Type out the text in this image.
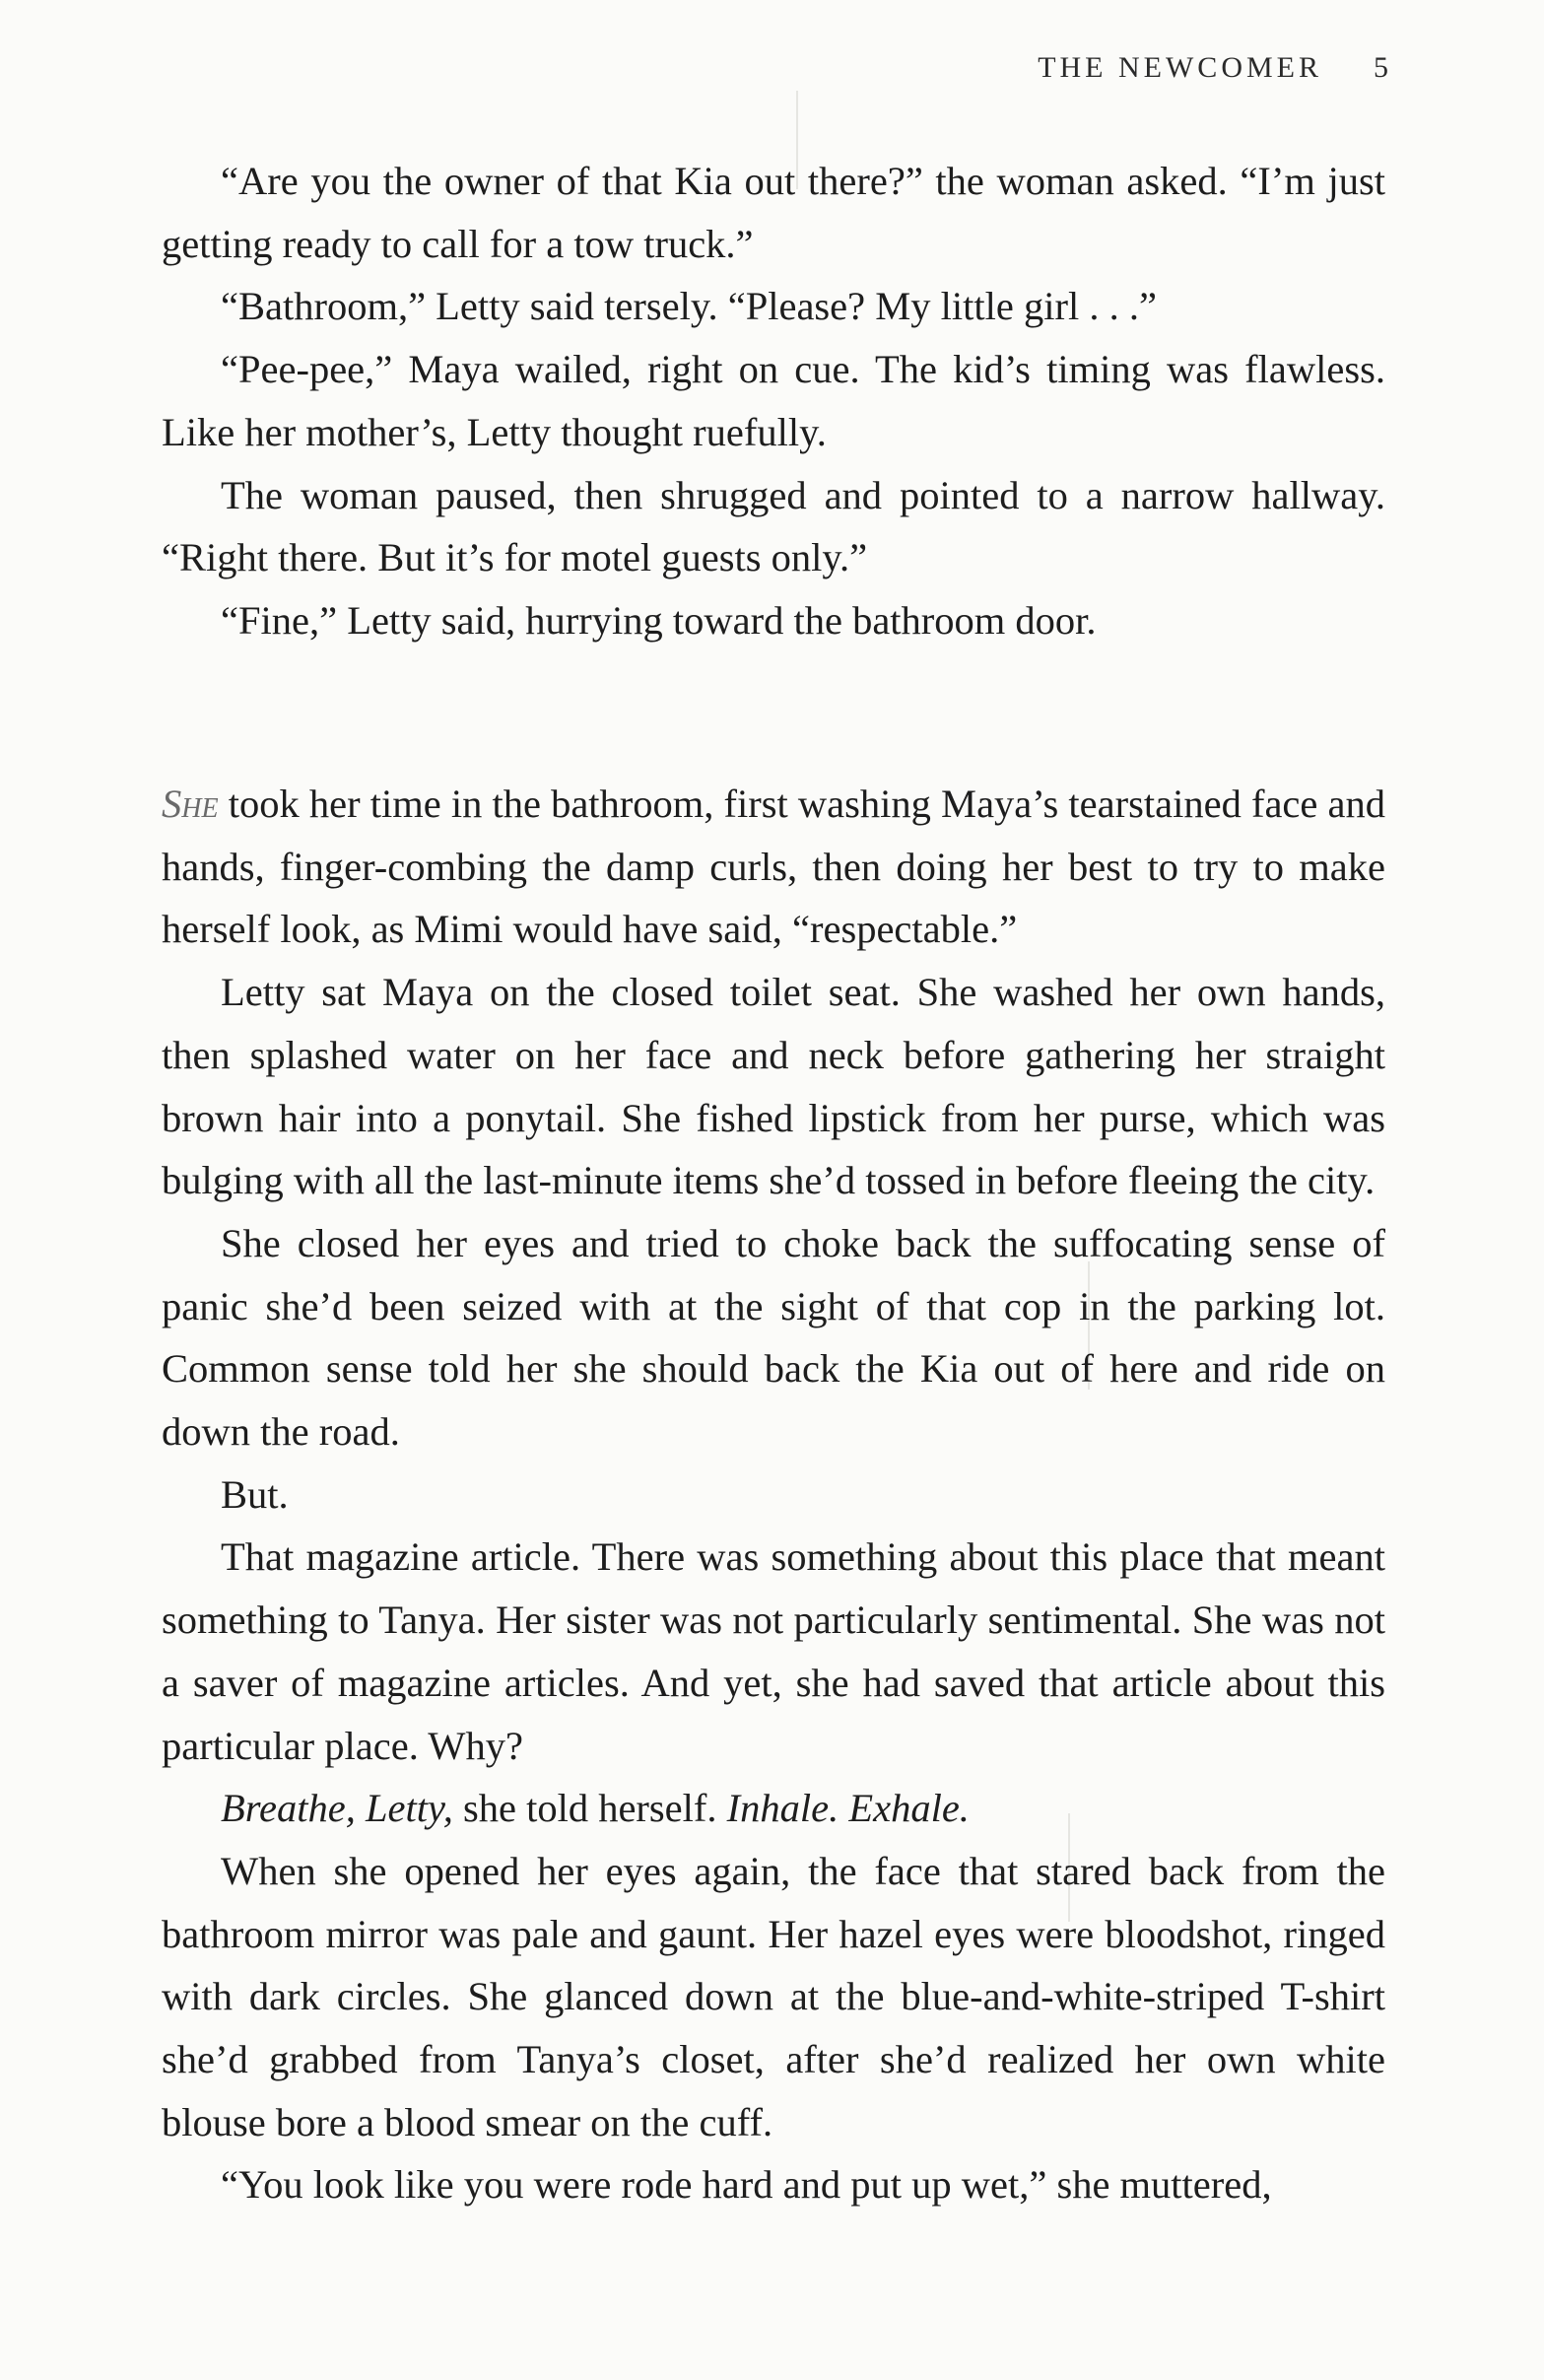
THE NEWCOMER 5

“Are you the owner of that Kia out there?” the woman asked. “I’m just getting ready to call for a tow truck.”

“Bathroom,” Letty said tersely. “Please? My little girl . . .”

“Pee-pee,” Maya wailed, right on cue. The kid’s timing was flawless. Like her mother’s, Letty thought ruefully.

The woman paused, then shrugged and pointed to a narrow hallway. “Right there. But it’s for motel guests only.”

“Fine,” Letty said, hurrying toward the bathroom door.

She took her time in the bathroom, first washing Maya’s tearstained face and hands, finger-combing the damp curls, then doing her best to try to make herself look, as Mimi would have said, “respectable.”

Letty sat Maya on the closed toilet seat. She washed her own hands, then splashed water on her face and neck before gathering her straight brown hair into a ponytail. She fished lipstick from her purse, which was bulging with all the last-minute items she’d tossed in before fleeing the city.

She closed her eyes and tried to choke back the suffocating sense of panic she’d been seized with at the sight of that cop in the parking lot. Common sense told her she should back the Kia out of here and ride on down the road.

But.

That magazine article. There was something about this place that meant something to Tanya. Her sister was not particularly sentimental. She was not a saver of magazine articles. And yet, she had saved that article about this particular place. Why?

Breathe, Letty, she told herself. Inhale. Exhale.

When she opened her eyes again, the face that stared back from the bathroom mirror was pale and gaunt. Her hazel eyes were bloodshot, ringed with dark circles. She glanced down at the blue-and-white-striped T-shirt she’d grabbed from Tanya’s closet, after she’d realized her own white blouse bore a blood smear on the cuff.

“You look like you were rode hard and put up wet,” she muttered,
